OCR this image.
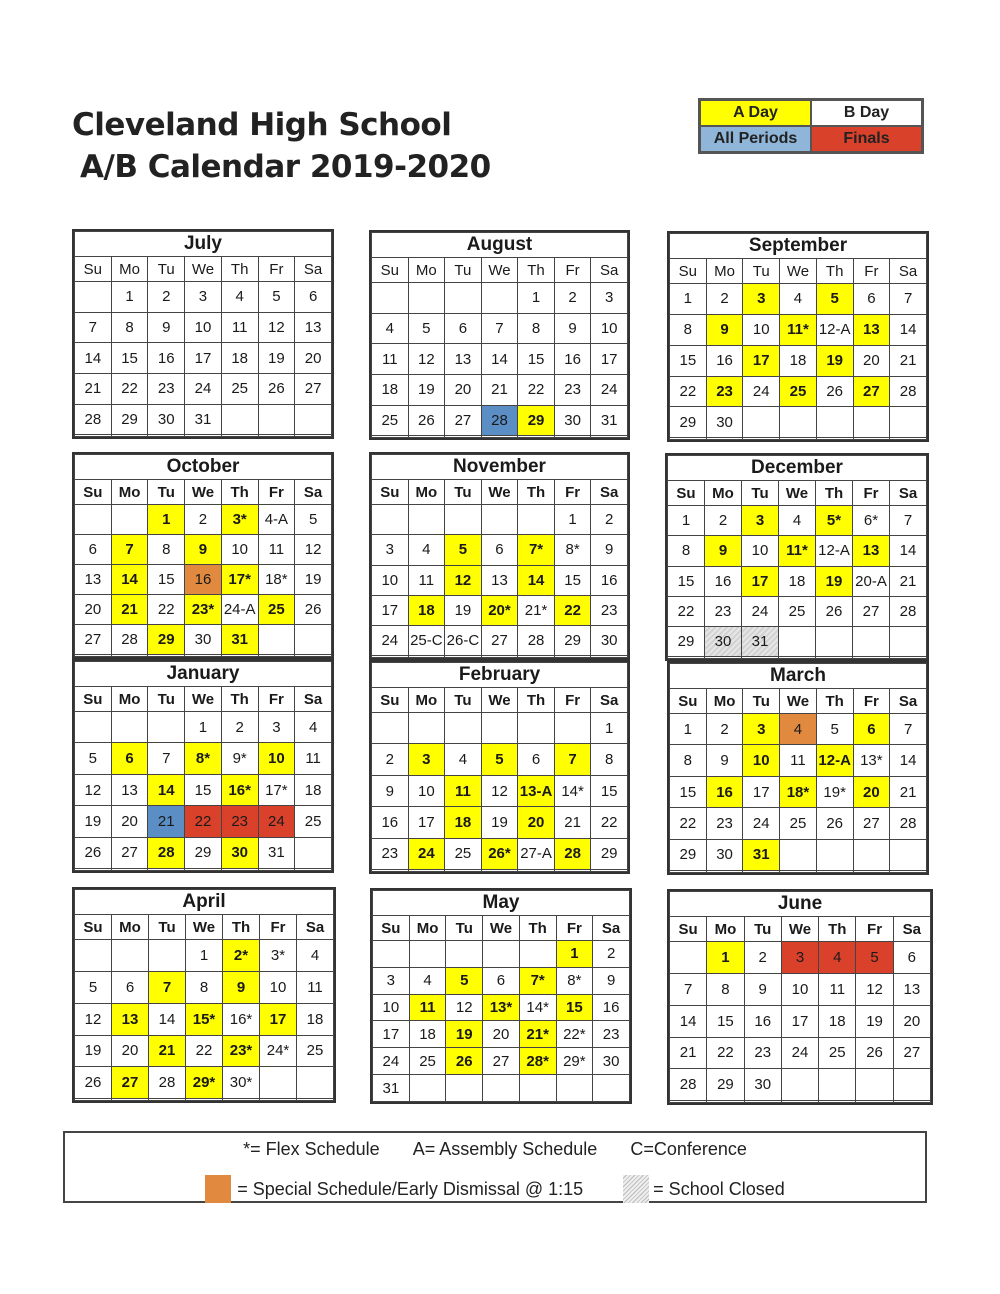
Cleveland High School
A/B Calendar 2019-2020
A Day	B Day
All Periods	Finals
July						
Su	Mo	Tu	We	Th	Fr	Sa
	1	2	3	4	5	6
7	8	9	10	11	12	13
14	15	16	17	18	19	20
21	22	23	24	25	26	27
28	29	30	31			

August						
Su	Mo	Tu	We	Th	Fr	Sa
				1	2	3
4	5	6	7	8	9	10
11	12	13	14	15	16	17
18	19	20	21	22	23	24
25	26	27	28	29	30	31

September						
Su	Mo	Tu	We	Th	Fr	Sa
1	2	3	4	5	6	7
8	9	10	11*	12-A	13	14
15	16	17	18	19	20	21
22	23	24	25	26	27	28
29	30					

October						
Su	Mo	Tu	We	Th	Fr	Sa
		1	2	3*	4-A	5
6	7	8	9	10	11	12
13	14	15	16	17*	18*	19
20	21	22	23*	24-A	25	26
27	28	29	30	31		

November						
Su	Mo	Tu	We	Th	Fr	Sa
					1	2
3	4	5	6	7*	8*	9
10	11	12	13	14	15	16
17	18	19	20*	21*	22	23
24	25-C	26-C	27	28	29	30

December						
Su	Mo	Tu	We	Th	Fr	Sa
1	2	3	4	5*	6*	7
8	9	10	11*	12-A	13	14
15	16	17	18	19	20-A	21
22	23	24	25	26	27	28
29	30	31				

January						
Su	Mo	Tu	We	Th	Fr	Sa
			1	2	3	4
5	6	7	8*	9*	10	11
12	13	14	15	16*	17*	18
19	20	21	22	23	24	25
26	27	28	29	30	31	

February						
Su	Mo	Tu	We	Th	Fr	Sa
						1
2	3	4	5	6	7	8
9	10	11	12	13-A	14*	15
16	17	18	19	20	21	22
23	24	25	26*	27-A	28	29

March						
Su	Mo	Tu	We	Th	Fr	Sa
1	2	3	4	5	6	7
8	9	10	11	12-A	13*	14
15	16	17	18*	19*	20	21
22	23	24	25	26	27	28
29	30	31				

April						
Su	Mo	Tu	We	Th	Fr	Sa
			1	2*	3*	4
5	6	7	8	9	10	11
12	13	14	15*	16*	17	18
19	20	21	22	23*	24*	25
26	27	28	29*	30*		

May						
Su	Mo	Tu	We	Th	Fr	Sa
					1	2
3	4	5	6	7*	8*	9
10	11	12	13*	14*	15	16
17	18	19	20	21*	22*	23
24	25	26	27	28*	29*	30
31						
June						
Su	Mo	Tu	We	Th	Fr	Sa
	1	2	3	4	5	6
7	8	9	10	11	12	13
14	15	16	17	18	19	20
21	22	23	24	25	26	27
28	29	30				

*= Flex Schedule A= Assembly Schedule C=Conference
= Special Schedule/Early Dismissal @ 1:15	= School Closed
